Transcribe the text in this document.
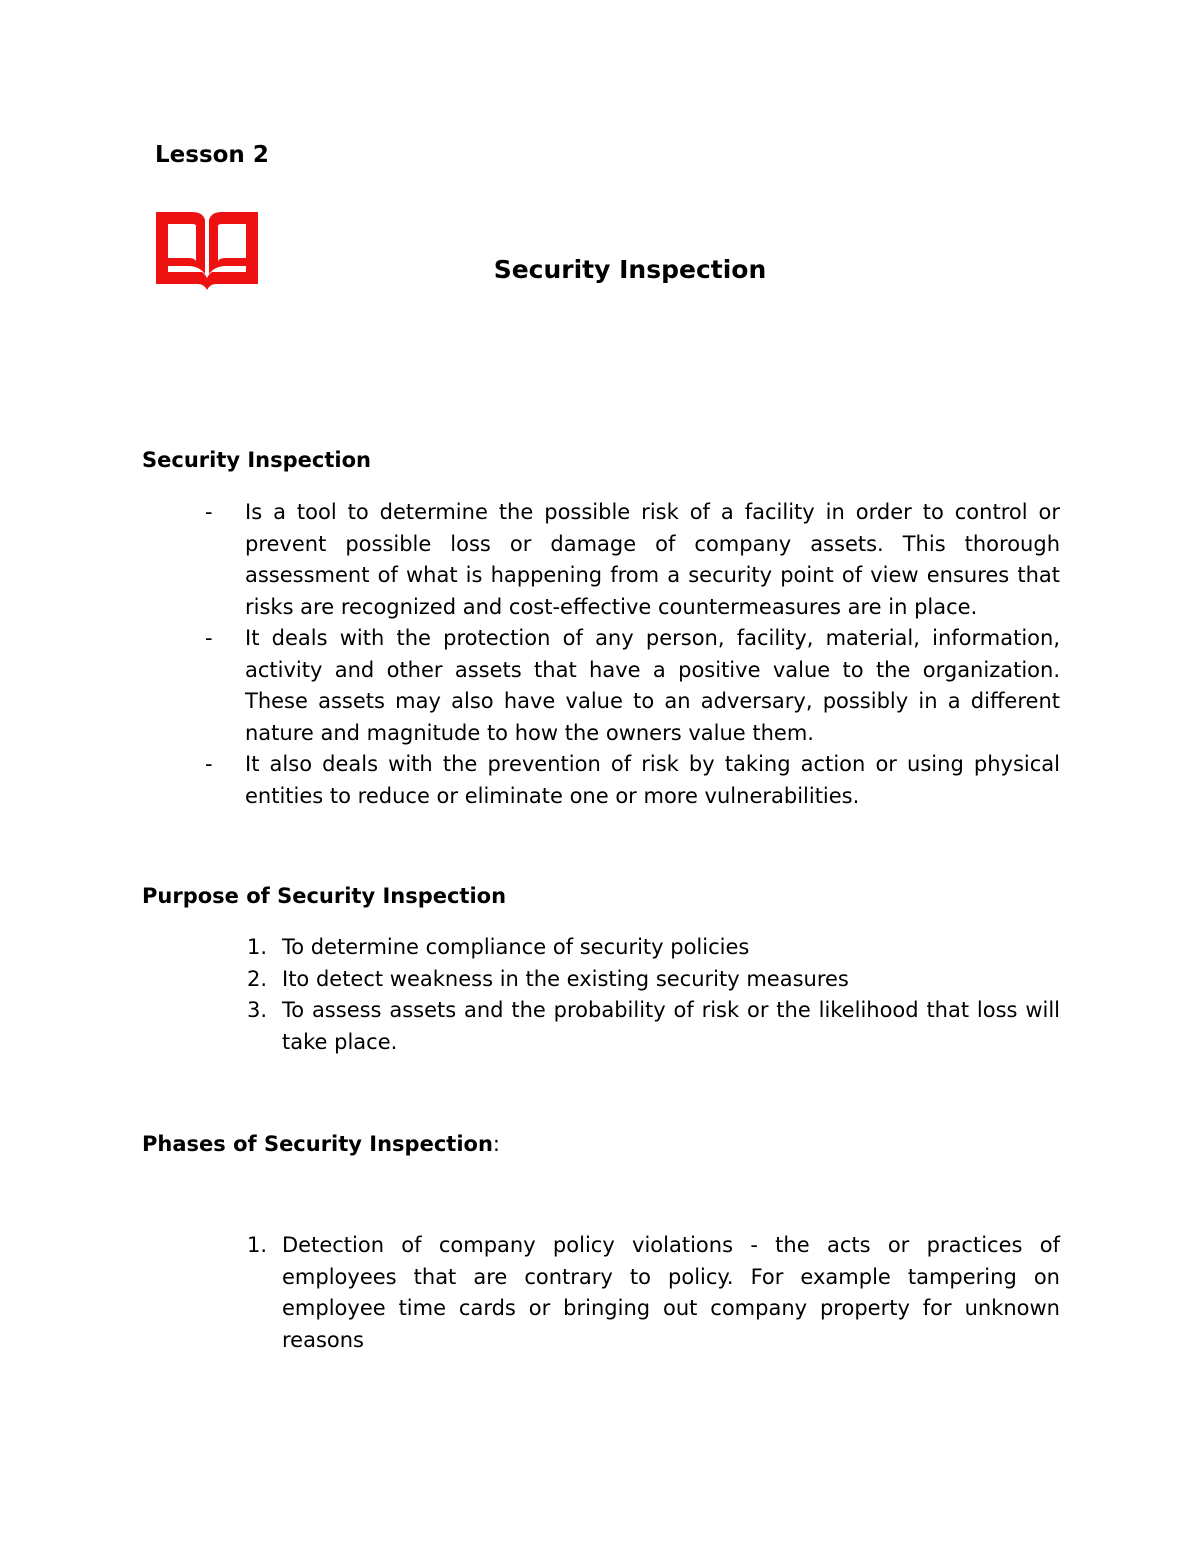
Lesson 2
Security Inspection
Security Inspection
- Is a tool to determine the possible risk of a facility in order to control or prevent possible loss or damage of company assets. This thorough assessment of what is happening from a security point of view ensures that risks are recognized and cost-effective countermeasures are in place.
- It deals with the protection of any person, facility, material, information, activity and other assets that have a positive value to the organization. These assets may also have value to an adversary, possibly in a different nature and magnitude to how the owners value them.
- It also deals with the prevention of risk by taking action or using physical entities to reduce or eliminate one or more vulnerabilities.
Purpose of Security Inspection
1. To determine compliance of security policies
2. Ito detect weakness in the existing security measures
3. To assess assets and the probability of risk or the likelihood that loss will take place.
Phases of Security Inspection:
1. Detection of company policy violations - the acts or practices of employees that are contrary to policy. For example tampering on employee time cards or bringing out company property for unknown reasons
